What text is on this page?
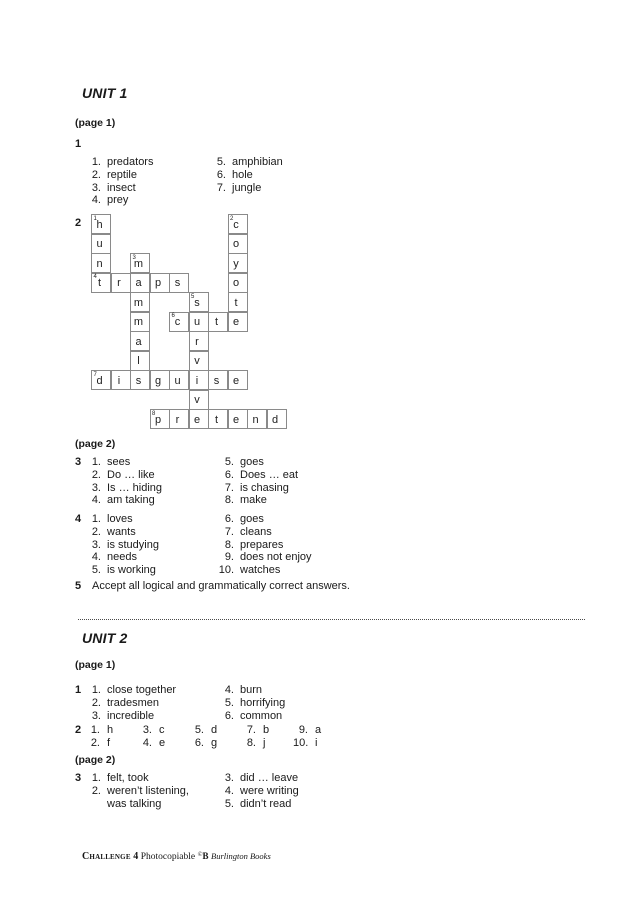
UNIT 1
(page 1)
1
1. predators
2. reptile
3. insect
4. prey
5. amphibian
6. hole
7. jungle
2 1 h	2 c
u	o
n	3
m	y
4 t	r	a	p	s	o
m	5 s	t
m	6 c	u	t	e
a	r
l	v
7 d	i	s	g	u	i	s	e
v
8 p	r	e	t	e	n	d
(page 2)
3 1. sees
2. Do … like
3. Is … hiding
4. am taking
5. goes
6. Does … eat
7. is chasing
8. make
4 1. loves
2. wants
3. is studying
4. needs
5. is working
6. goes
7. cleans
8. prepares
9. does not enjoy
10. watches
5 Accept all logical and grammatically correct answers.
UNIT 2
(page 1)
1 1. close together
2. tradesmen
3. incredible
4. burn
5. horrifying
6. common
2 1. h	3. c	5. d	7. b	9. a
2. f	4. e	6. g	8. j	10. i
(page 2)
3 1. felt, took
2. weren’t listening,
was talking
3. did … leave
4. were writing
5. didn’t read
Challenge 4 Photocopiable ©B Burlington Books
